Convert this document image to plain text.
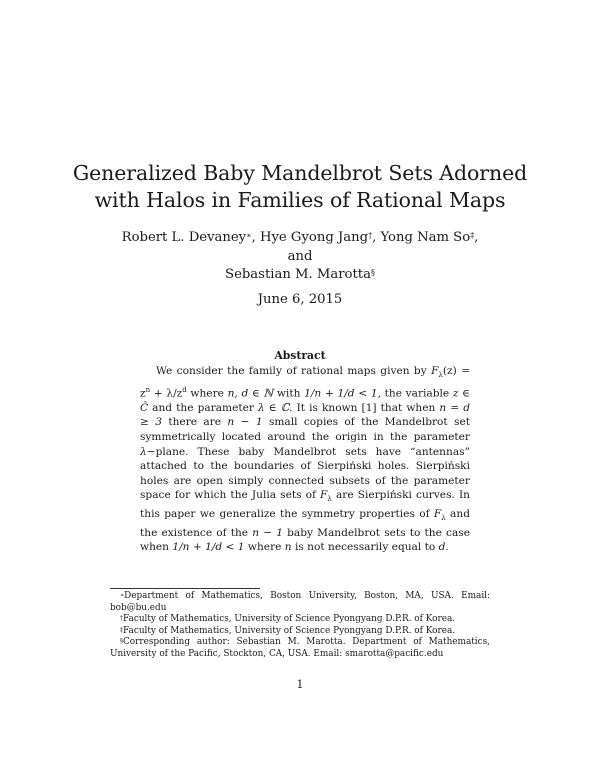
Generalized Baby Mandelbrot Sets Adorned
with Halos in Families of Rational Maps
Robert L. Devaney∗, Hye Gyong Jang†, Yong Nam So‡,
and
Sebastian M. Marotta§
June 6, 2015
Abstract

We consider the family of rational maps given by $F_\lambda(z) = z^n + \lambda/z^d$ where n, d ∈ ℕ with 1/n + 1/d < 1, the variable z ∈ Ĉ and the parameter λ ∈ ℂ. It is known [1] that when n = d ≥ 3 there are n − 1 small copies of the Mandelbrot set symmetrically located around the origin in the parameter λ−plane. These baby Mandelbrot sets have “antennas” attached to the boundaries of Sierpiński holes. Sierpiński holes are open simply connected subsets of the parameter space for which the Julia sets of $F_\lambda$ are Sierpiński curves. In this paper we generalize the symmetry properties of $F_\lambda$ and the existence of the n − 1 baby Mandelbrot sets to the case when 1/n + 1/d < 1 where n is not necessarily equal to d.

∗Department of Mathematics, Boston University, Boston, MA, USA. Email: bob@bu.edu

†Faculty of Mathematics, University of Science Pyongyang D.P.R. of Korea.

‡Faculty of Mathematics, University of Science Pyongyang D.P.R. of Korea.

§Corresponding author: Sebastian M. Marotta. Department of Mathematics, University of the Pacific, Stockton, CA, USA. Email: smarotta@pacific.edu

1
